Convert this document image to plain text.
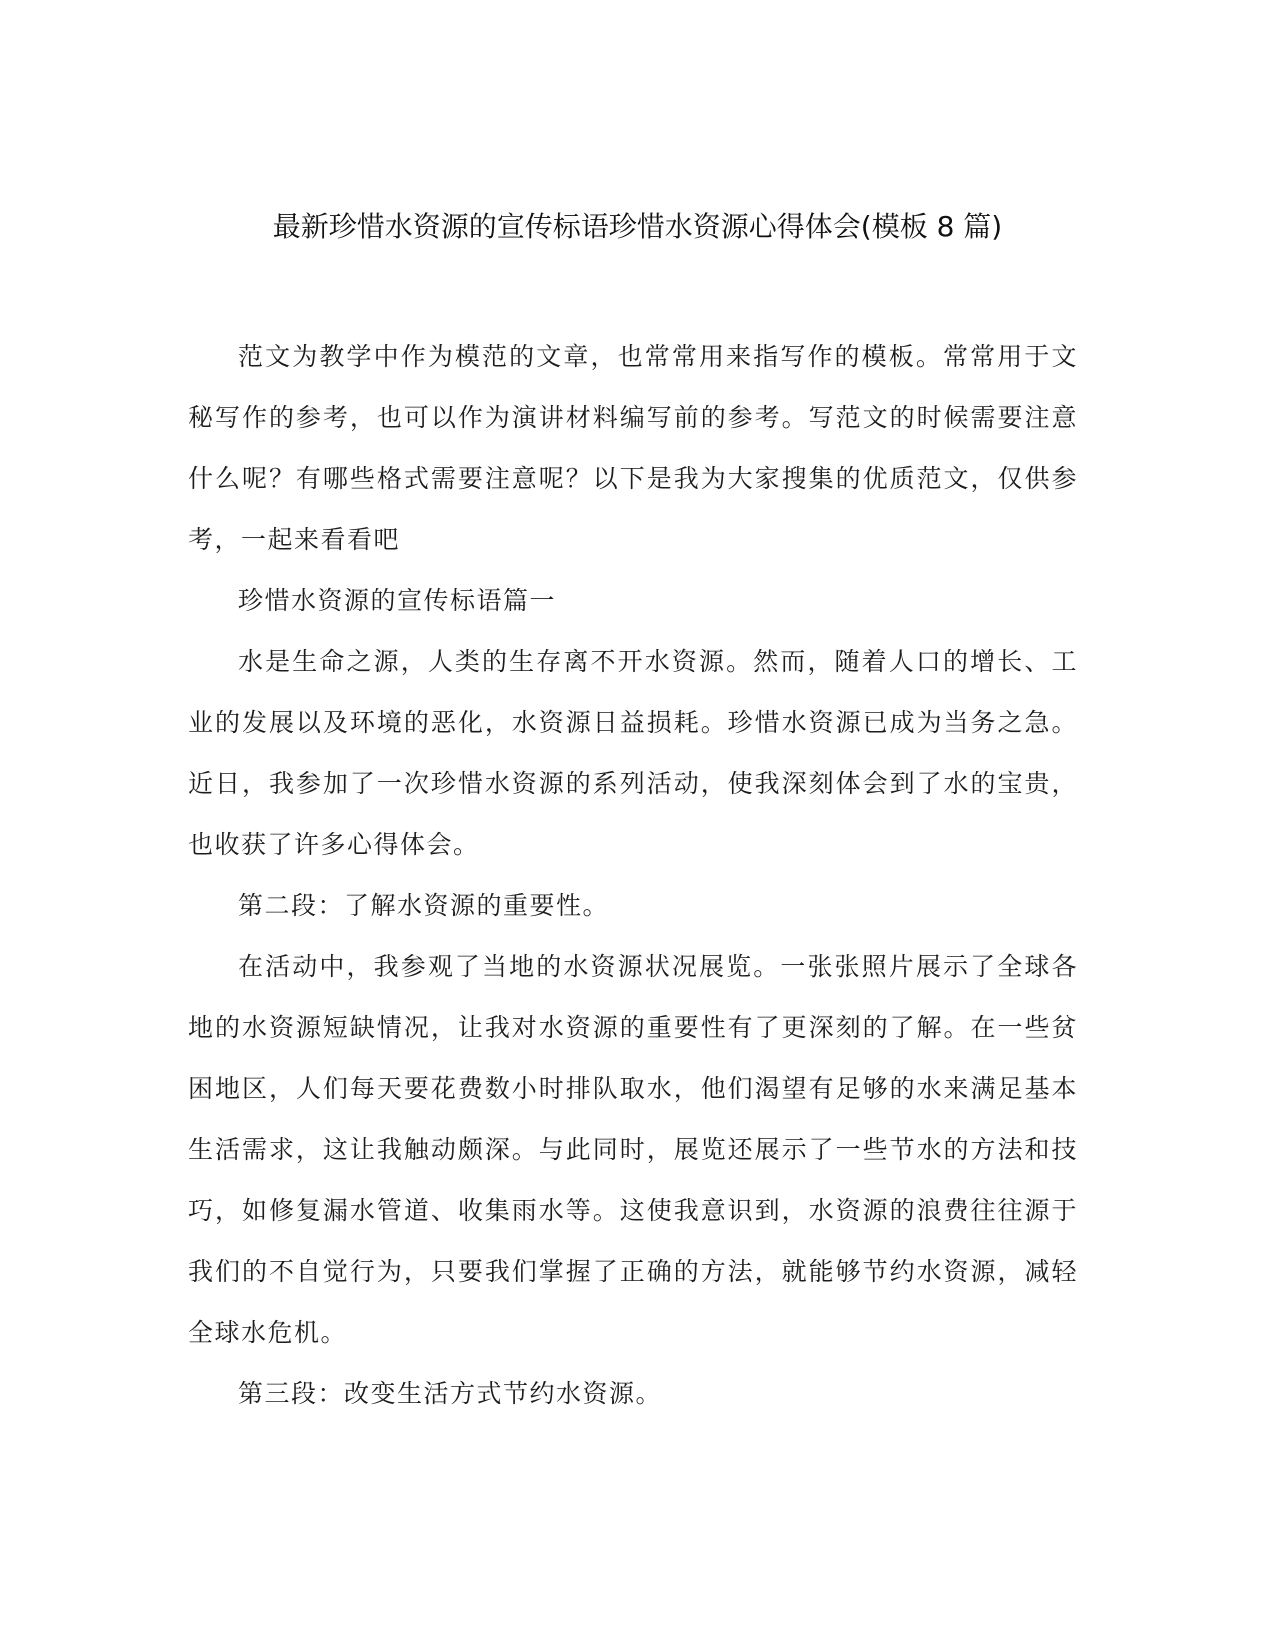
最新珍惜水资源的宣传标语珍惜水资源心得体会(模板 8 篇)

范文为教学中作为模范的文章，也常常用来指写作的模板。常常用于文秘写作的参考，也可以作为演讲材料编写前的参考。写范文的时候需要注意什么呢？有哪些格式需要注意呢？以下是我为大家搜集的优质范文，仅供参考，一起来看看吧

珍惜水资源的宣传标语篇一

水是生命之源，人类的生存离不开水资源。然而，随着人口的增长、工业的发展以及环境的恶化，水资源日益损耗。珍惜水资源已成为当务之急。近日，我参加了一次珍惜水资源的系列活动，使我深刻体会到了水的宝贵，也收获了许多心得体会。

第二段：了解水资源的重要性。

在活动中，我参观了当地的水资源状况展览。一张张照片展示了全球各地的水资源短缺情况，让我对水资源的重要性有了更深刻的了解。在一些贫困地区，人们每天要花费数小时排队取水，他们渴望有足够的水来满足基本生活需求，这让我触动颇深。与此同时，展览还展示了一些节水的方法和技巧，如修复漏水管道、收集雨水等。这使我意识到，水资源的浪费往往源于我们的不自觉行为，只要我们掌握了正确的方法，就能够节约水资源，减轻全球水危机。

第三段：改变生活方式节约水资源。
